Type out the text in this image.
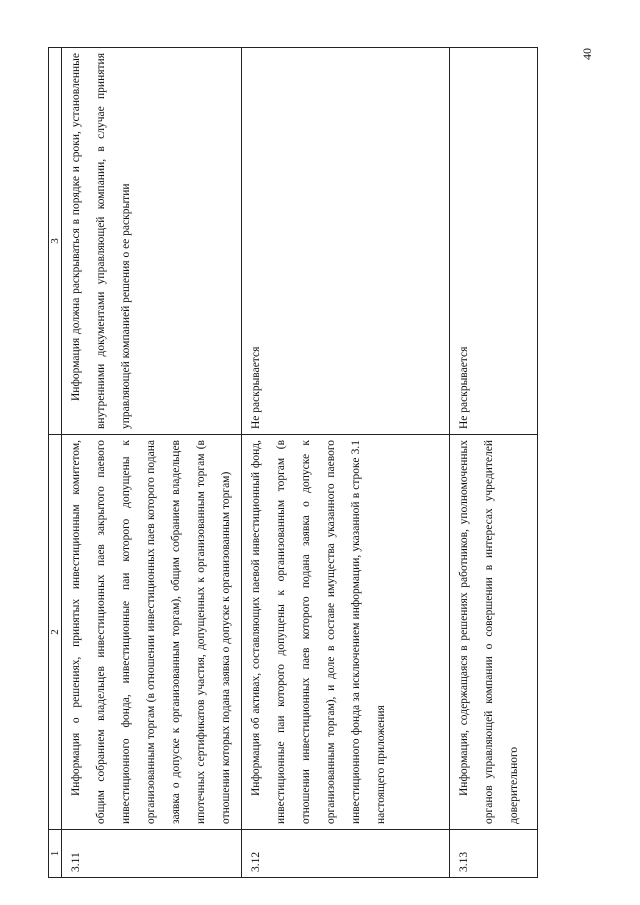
40
1	2	3
3.11	Информация о решениях, принятых инвестиционным комитетом, общим собранием владельцев инвестиционных паев закрытого паевого инвестиционного фонда, инвестиционные паи которого допущены к организованным торгам (в отношении инвестиционных паев которого подана заявка о допуске к организованным торгам), общим собранием владельцев ипотечных сертификатов участия, допущенных к организованным торгам (в отношении которых подана заявка о допуске к организованным торгам)	Информация должна раскрываться в порядке и сроки, установленные внутренними документами управляющей компании, в случае принятия управляющей компанией решения о ее раскрытии
3.12	Информация об активах, составляющих паевой инвестиционный фонд, инвестиционные паи которого допущены к организованным торгам (в отношении инвестиционных паев которого подана заявка о допуске к организованным торгам), и доле в составе имущества указанного паевого инвестиционного фонда за исключением информации, указанной в строке 3.1 настоящего приложения	Не раскрывается
3.13	Информация, содержащаяся в решениях работников, уполномоченных органов управляющей компании о совершении в интересах учредителей доверительного	Не раскрывается
